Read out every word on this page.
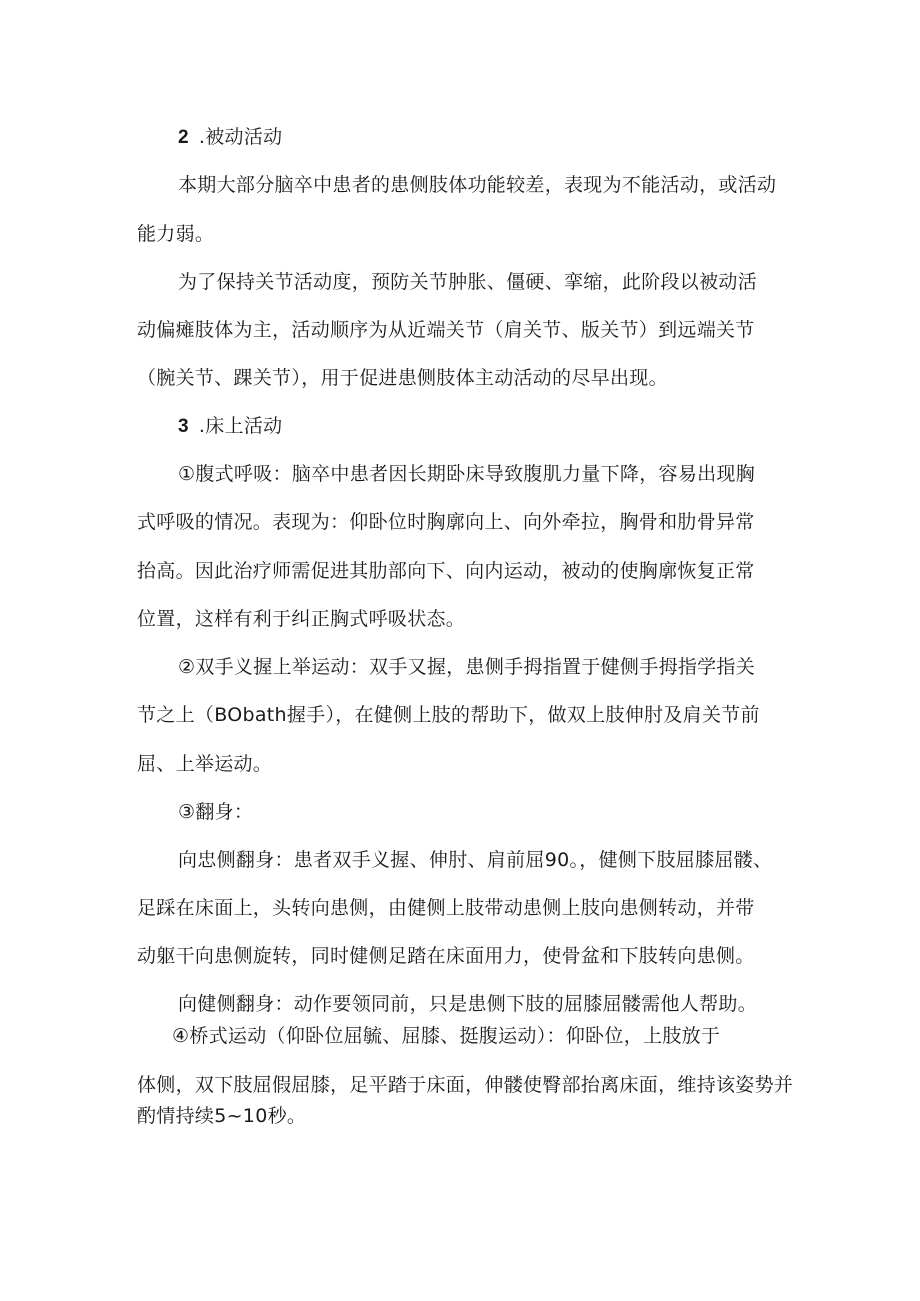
2 .被动活动
本期大部分脑卒中患者的患侧肢体功能较差，表现为不能活动，或活动
能力弱。
为了保持关节活动度，预防关节肿胀、僵硬、挛缩，此阶段以被动活
动偏瘫肢体为主，活动顺序为从近端关节（肩关节、版关节）到远端关节
（腕关节、踝关节），用于促进患侧肢体主动活动的尽早出现。
3 .床上活动
①腹式呼吸：脑卒中患者因长期卧床导致腹肌力量下降，容易出现胸
式呼吸的情况。表现为：仰卧位时胸廓向上、向外牵拉，胸骨和肋骨异常
抬高。因此治疗师需促进其肋部向下、向内运动，被动的使胸廓恢复正常
位置，这样有利于纠正胸式呼吸状态。
②双手义握上举运动：双手又握，患侧手拇指置于健侧手拇指学指关
节之上（BObath握手），在健侧上肢的帮助下，做双上肢伸肘及肩关节前
屈、上举运动。
③翻身：
向忠侧翻身：患者双手义握、伸肘、肩前屈90。，健侧下肢屈膝屈髅、
足踩在床面上，头转向患侧，由健侧上肢带动患侧上肢向患侧转动，并带
动躯干向患侧旋转，同时健侧足踏在床面用力，使骨盆和下肢转向患侧。
向健侧翻身：动作要领同前，只是患侧下肢的屈膝屈髅需他人帮助。
④桥式运动（仰卧位屈毓、屈膝、挺腹运动）：仰卧位，上肢放于
体侧，双下肢屈假屈膝，足平踏于床面，伸髅使臀部抬离床面，维持该姿势并
酌情持续5~10秒。
